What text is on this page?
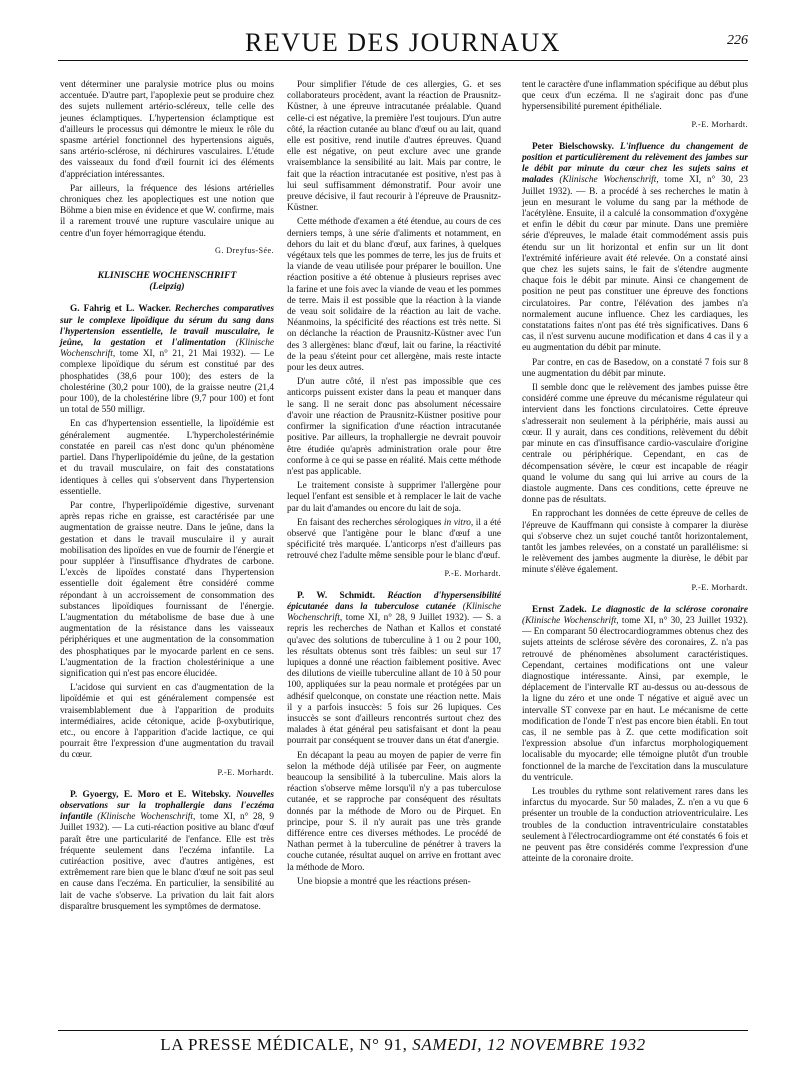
REVUE DES JOURNAUX	226

vent déterminer une paralysie motrice plus ou moins accentuée. D'autre part, l'apoplexie peut se produire chez des sujets nullement artério-scléreux, telle celle des jeunes éclamptiques. L'hypertension éclamptique est d'ailleurs le processus qui démontre le mieux le rôle du spasme artériel fonctionnel des hypertensions aiguës, sans artério-sclérose, ni déchirures vasculaires. L'étude des vaisseaux du fond d'œil fournit ici des éléments d'appréciation intéressantes.

Par ailleurs, la fréquence des lésions artérielles chroniques chez les apoplectiques est une notion que Böhme a bien mise en évidence et que W. confirme, mais il a rarement trouvé une rupture vasculaire unique au centre d'un foyer hémorragique étendu.

G. Dreyfus-Sée.
KLINISCHE WOCHENSCHRIFT
(Leipzig)

G. Fahrig et L. Wacker. Recherches comparatives sur le complexe lipoïdique du sérum du sang dans l'hypertension essentielle, le travail musculaire, le jeûne, la gestation et l'alimentation (Klinische Wochenschrift, tome XI, n° 21, 21 Mai 1932). — Le complexe lipoïdique du sérum est constitué par des phosphatides (38,6 pour 100); des esters de la cholestérine (30,2 pour 100), de la graisse neutre (21,4 pour 100), de la cholestérine libre (9,7 pour 100) et font un total de 550 milligr.

En cas d'hypertension essentielle, la lipoïdémie est généralement augmentée. L'hypercholestérinémie constatée en pareil cas n'est donc qu'un phénomène partiel. Dans l'hyperlipoïdémie du jeûne, de la gestation et du travail musculaire, on fait des constatations identiques à celles qui s'observent dans l'hypertension essentielle.

Par contre, l'hyperlipoïdémie digestive, survenant après repas riche en graisse, est caractérisée par une augmentation de graisse neutre. Dans le jeûne, dans la gestation et dans le travail musculaire il y aurait mobilisation des lipoïdes en vue de fournir de l'énergie et pour suppléer à l'insuffisance d'hydrates de carbone. L'excès de lipoïdes constaté dans l'hypertension essentielle doit également être considéré comme répondant à un accroissement de consommation des substances lipoïdiques fournissant de l'énergie. L'augmentation du métabolisme de base due à une augmentation de la résistance dans les vaisseaux périphériques et une augmentation de la consommation des phosphatiques par le myocarde parlent en ce sens. L'augmentation de la fraction cholestérinique a une signification qui n'est pas encore élucidée.

L'acidose qui survient en cas d'augmentation de la lipoïdémie et qui est généralement compensée est vraisemblablement due à l'apparition de produits intermédiaires, acide cétonique, acide β-oxybutirique, etc., ou encore à l'apparition d'acide lactique, ce qui pourrait être l'expression d'une augmentation du travail du cœur.

P.-E. Morhardt.

P. Gyoergy, E. Moro et E. Witebsky. Nouvelles observations sur la trophallergie dans l'eczéma infantile (Klinische Wochenschrift, tome XI, n° 28, 9 Juillet 1932). — La cuti-réaction positive au blanc d'œuf paraît être une particularité de l'enfance. Elle est très fréquente seulement dans l'eczéma infantile. La cutiréaction positive, avec d'autres antigènes, est extrêmement rare bien que le blanc d'œuf ne soit pas seul en cause dans l'eczéma. En particulier, la sensibilité au lait de vache s'observe. La privation du lait fait alors disparaître brusquement les symptômes de dermatose.

Pour simplifier l'étude de ces allergies, G. et ses collaborateurs procèdent, avant la réaction de Prausnitz-Küstner, à une épreuve intracutanée préalable. Quand celle-ci est négative, la première l'est toujours. D'un autre côté, la réaction cutanée au blanc d'œuf ou au lait, quand elle est positive, rend inutile d'autres épreuves. Quand elle est négative, on peut exclure avec une grande vraisemblance la sensibilité au lait. Mais par contre, le fait que la réaction intracutanée est positive, n'est pas à lui seul suffisamment démonstratif. Pour avoir une preuve décisive, il faut recourir à l'épreuve de Prausnitz-Küstner.

Cette méthode d'examen a été étendue, au cours de ces derniers temps, à une série d'aliments et notamment, en dehors du lait et du blanc d'œuf, aux farines, à quelques végétaux tels que les pommes de terre, les jus de fruits et la viande de veau utilisée pour préparer le bouillon. Une réaction positive a été obtenue à plusieurs reprises avec la farine et une fois avec la viande de veau et les pommes de terre. Mais il est possible que la réaction à la viande de veau soit solidaire de la réaction au lait de vache. Néanmoins, la spécificité des réactions est très nette. Si on déclanche la réaction de Prausnitz-Küstner avec l'un des 3 allergènes: blanc d'œuf, lait ou farine, la réactivité de la peau s'éteint pour cet allergène, mais reste intacte pour les deux autres.

D'un autre côté, il n'est pas impossible que ces anticorps puissent exister dans la peau et manquer dans le sang. Il ne serait donc pas absolument nécessaire d'avoir une réaction de Prausnitz-Küstner positive pour confirmer la signification d'une réaction intracutanée positive. Par ailleurs, la trophallergie ne devrait pouvoir être étudiée qu'après administration orale pour être conforme à ce qui se passe en réalité. Mais cette méthode n'est pas applicable.

Le traitement consiste à supprimer l'allergène pour lequel l'enfant est sensible et à remplacer le lait de vache par du lait d'amandes ou encore du lait de soja.

En faisant des recherches sérologiques in vitro, il a été observé que l'antigène pour le blanc d'œuf a une spécificité très marquée. L'anticorps n'est d'ailleurs pas retrouvé chez l'adulte même sensible pour le blanc d'œuf.

P.-E. Morhardt.

P. W. Schmidt. Réaction d'hypersensibilité épicutanée dans la tuberculose cutanée (Klinische Wochenschrift, tome XI, n° 28, 9 Juillet 1932). — S. a repris les recherches de Nathan et Kallos et constaté qu'avec des solutions de tuberculine à 1 ou 2 pour 100, les résultats obtenus sont très faibles: un seul sur 17 lupiques a donné une réaction faiblement positive. Avec des dilutions de vieille tuberculine allant de 10 à 50 pour 100, appliquées sur la peau normale et protégées par un adhésif quelconque, on constate une réaction nette. Mais il y a parfois insuccès: 5 fois sur 26 lupiques. Ces insuccès se sont d'ailleurs rencontrés surtout chez des malades à état général peu satisfaisant et dont la peau pourrait par conséquent se trouver dans un état d'anergie.

En décapant la peau au moyen de papier de verre fin selon la méthode déjà utilisée par Feer, on augmente beaucoup la sensibilité à la tuberculine. Mais alors la réaction s'observe même lorsqu'il n'y a pas tuberculose cutanée, et se rapproche par conséquent des résultats donnés par la méthode de Moro ou de Pirquet. En principe, pour S. il n'y aurait pas une très grande différence entre ces diverses méthodes. Le procédé de Nathan permet à la tuberculine de pénétrer à travers la couche cutanée, résultat auquel on arrive en frottant avec la méthode de Moro.

Une biopsie a montré que les réactions présen-

tent le caractère d'une inflammation spécifique au début plus que ceux d'un eczéma. Il ne s'agirait donc pas d'une hypersensibilité purement épithéliale.

P.-E. Morhardt.

Peter Bielschowsky. L'influence du changement de position et particulièrement du relèvement des jambes sur le débit par minute du cœur chez les sujets sains et malades (Klinische Wochenschrift, tome XI, n° 30, 23 Juillet 1932). — B. a procédé à ses recherches le matin à jeun en mesurant le volume du sang par la méthode de l'acétylène. Ensuite, il a calculé la consommation d'oxygène et enfin le débit du cœur par minute. Dans une première série d'épreuves, le malade était commodément assis puis étendu sur un lit horizontal et enfin sur un lit dont l'extrémité inférieure avait été relevée. On a constaté ainsi que chez les sujets sains, le fait de s'étendre augmente chaque fois le débit par minute. Ainsi ce changement de position ne peut pas constituer une épreuve des fonctions circulatoires. Par contre, l'élévation des jambes n'a normalement aucune influence. Chez les cardiaques, les constatations faites n'ont pas été très significatives. Dans 6 cas, il n'est survenu aucune modification et dans 4 cas il y a eu augmentation du débit par minute.

Par contre, en cas de Basedow, on a constaté 7 fois sur 8 une augmentation du débit par minute.

Il semble donc que le relèvement des jambes puisse être considéré comme une épreuve du mécanisme régulateur qui intervient dans les fonctions circulatoires. Cette épreuve s'adresserait non seulement à la périphérie, mais aussi au cœur. Il y aurait, dans ces conditions, relèvement du débit par minute en cas d'insuffisance cardio-vasculaire d'origine centrale ou périphérique. Cependant, en cas de décompensation sévère, le cœur est incapable de réagir quand le volume du sang qui lui arrive au cours de la diastole augmente. Dans ces conditions, cette épreuve ne donne pas de résultats.

En rapprochant les données de cette épreuve de celles de l'épreuve de Kauffmann qui consiste à comparer la diurèse qui s'observe chez un sujet couché tantôt horizontalement, tantôt les jambes relevées, on a constaté un parallélisme: si le relèvement des jambes augmente la diurèse, le débit par minute s'élève également.

P.-E. Morhardt.

Ernst Zadek. Le diagnostic de la sclérose coronaire (Klinische Wochenschrift, tome XI, n° 30, 23 Juillet 1932). — En comparant 50 électrocardiogrammes obtenus chez des sujets atteints de sclérose sévère des coronaires, Z. n'a pas retrouvé de phénomènes absolument caractéristiques. Cependant, certaines modifications ont une valeur diagnostique intéressante. Ainsi, par exemple, le déplacement de l'intervalle RT au-dessus ou au-dessous de la ligne du zéro et une onde T négative et aiguë avec un intervalle ST convexe par en haut. Le mécanisme de cette modification de l'onde T n'est pas encore bien établi. En tout cas, il ne semble pas à Z. que cette modification soit l'expression absolue d'un infarctus morphologiquement localisable du myocarde; elle témoigne plutôt d'un trouble fonctionnel de la marche de l'excitation dans la musculature du ventricule.

Les troubles du rythme sont relativement rares dans les infarctus du myocarde. Sur 50 malades, Z. n'en a vu que 6 présenter un trouble de la conduction atrioventriculaire. Les troubles de la conduction intraventriculaire constatables seulement à l'électrocardiogramme ont été constatés 6 fois et ne peuvent pas être considérés comme l'expression d'une atteinte de la coronaire droite.

LA PRESSE MÉDICALE, N° 91, SAMEDI, 12 NOVEMBRE 1932
